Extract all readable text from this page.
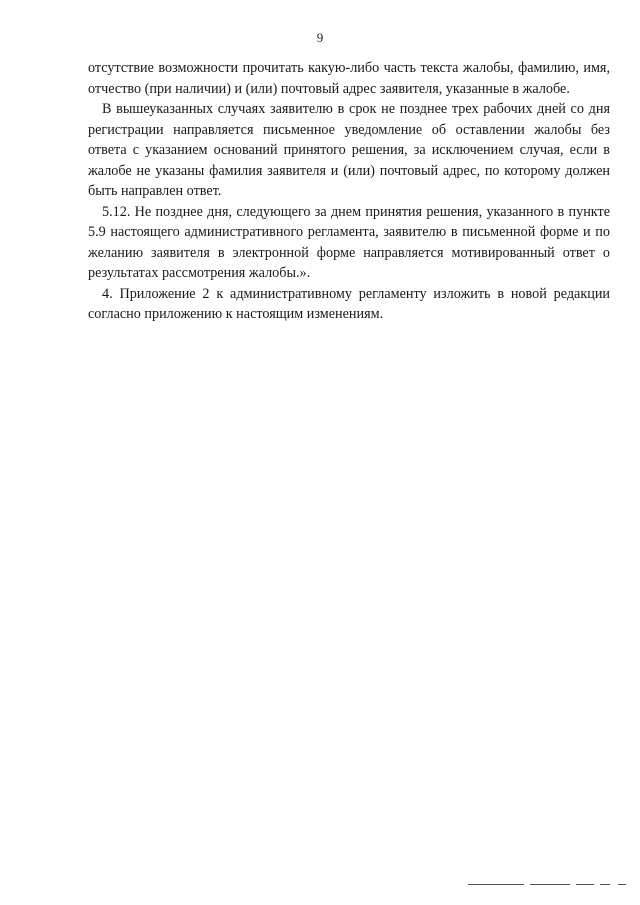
9

отсутствие возможности прочитать какую-либо часть текста жалобы, фамилию, имя, отчество (при наличии) и (или) почтовый адрес заявителя, указанные в жалобе.

В вышеуказанных случаях заявителю в срок не позднее трех рабочих дней со дня регистрации направляется письменное уведомление об оставлении жалобы без ответа с указанием оснований принятого решения, за исключением случая, если в жалобе не указаны фамилия заявителя и (или) почтовый адрес, по которому должен быть направлен ответ.

5.12. Не позднее дня, следующего за днем принятия решения, указанного в пункте 5.9 настоящего административного регламента, заявителю в письменной форме и по желанию заявителя в электронной форме направляется мотивированный ответ о результатах рассмотрения жалобы.».

4. Приложение 2 к административному регламенту изложить в новой редакции согласно приложению к настоящим изменениям.
